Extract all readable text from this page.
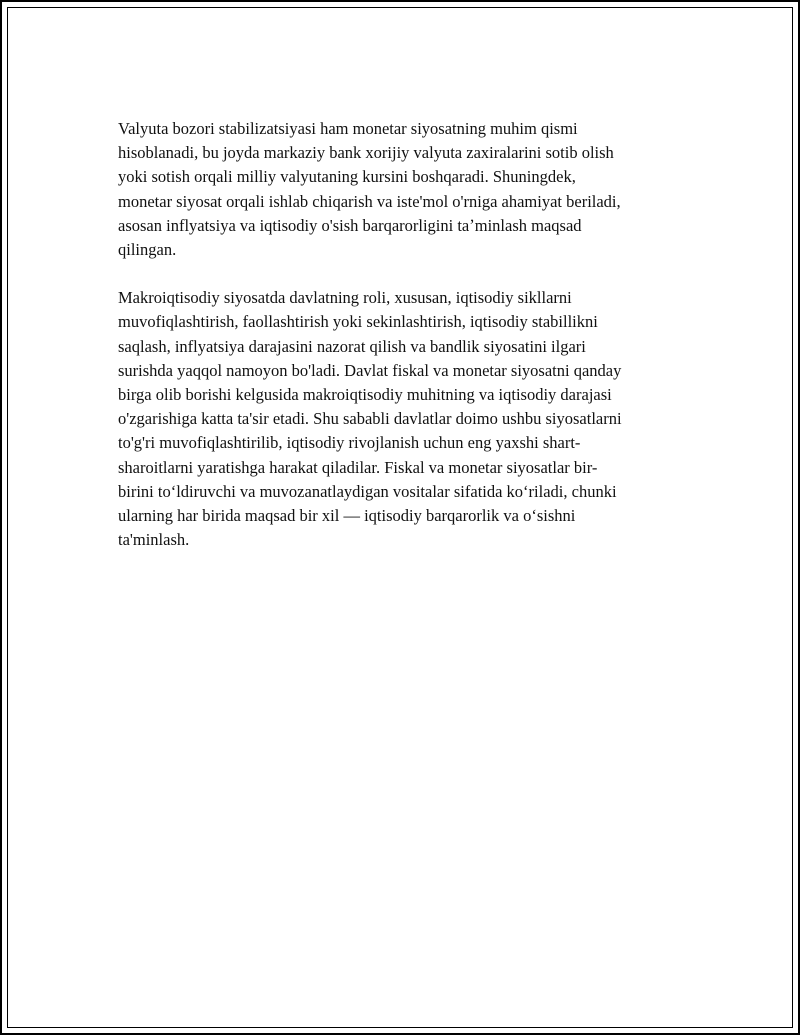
Valyuta bozori stabilizatsiyasi ham monetar siyosatning muhim qismi
hisoblanadi, bu joyda markaziy bank xorijiy valyuta zaxiralarini sotib olish
yoki sotish orqali milliy valyutaning kursini boshqaradi. Shuningdek,
monetar siyosat orqali ishlab chiqarish va iste'mol o'rniga ahamiyat beriladi,
asosan inflyatsiya va iqtisodiy o'sish barqarorligini taʼminlash maqsad
qilingan.

Makroiqtisodiy siyosatda davlatning roli, xususan, iqtisodiy sikllarni
muvofiqlashtirish, faollashtirish yoki sekinlashtirish, iqtisodiy stabillikni
saqlash, inflyatsiya darajasini nazorat qilish va bandlik siyosatini ilgari
surishda yaqqol namoyon bo'ladi. Davlat fiskal va monetar siyosatni qanday
birga olib borishi kelgusida makroiqtisodiy muhitning va iqtisodiy darajasi
o'zgarishiga katta ta'sir etadi. Shu sababli davlatlar doimo ushbu siyosatlarni
to'g'ri muvofiqlashtirilib, iqtisodiy rivojlanish uchun eng yaxshi shart-
sharoitlarni yaratishga harakat qiladilar. Fiskal va monetar siyosatlar bir-
birini toʻldiruvchi va muvozanatlaydigan vositalar sifatida koʻriladi, chunki
ularning har birida maqsad bir xil — iqtisodiy barqarorlik va oʻsishni
ta'minlash.
